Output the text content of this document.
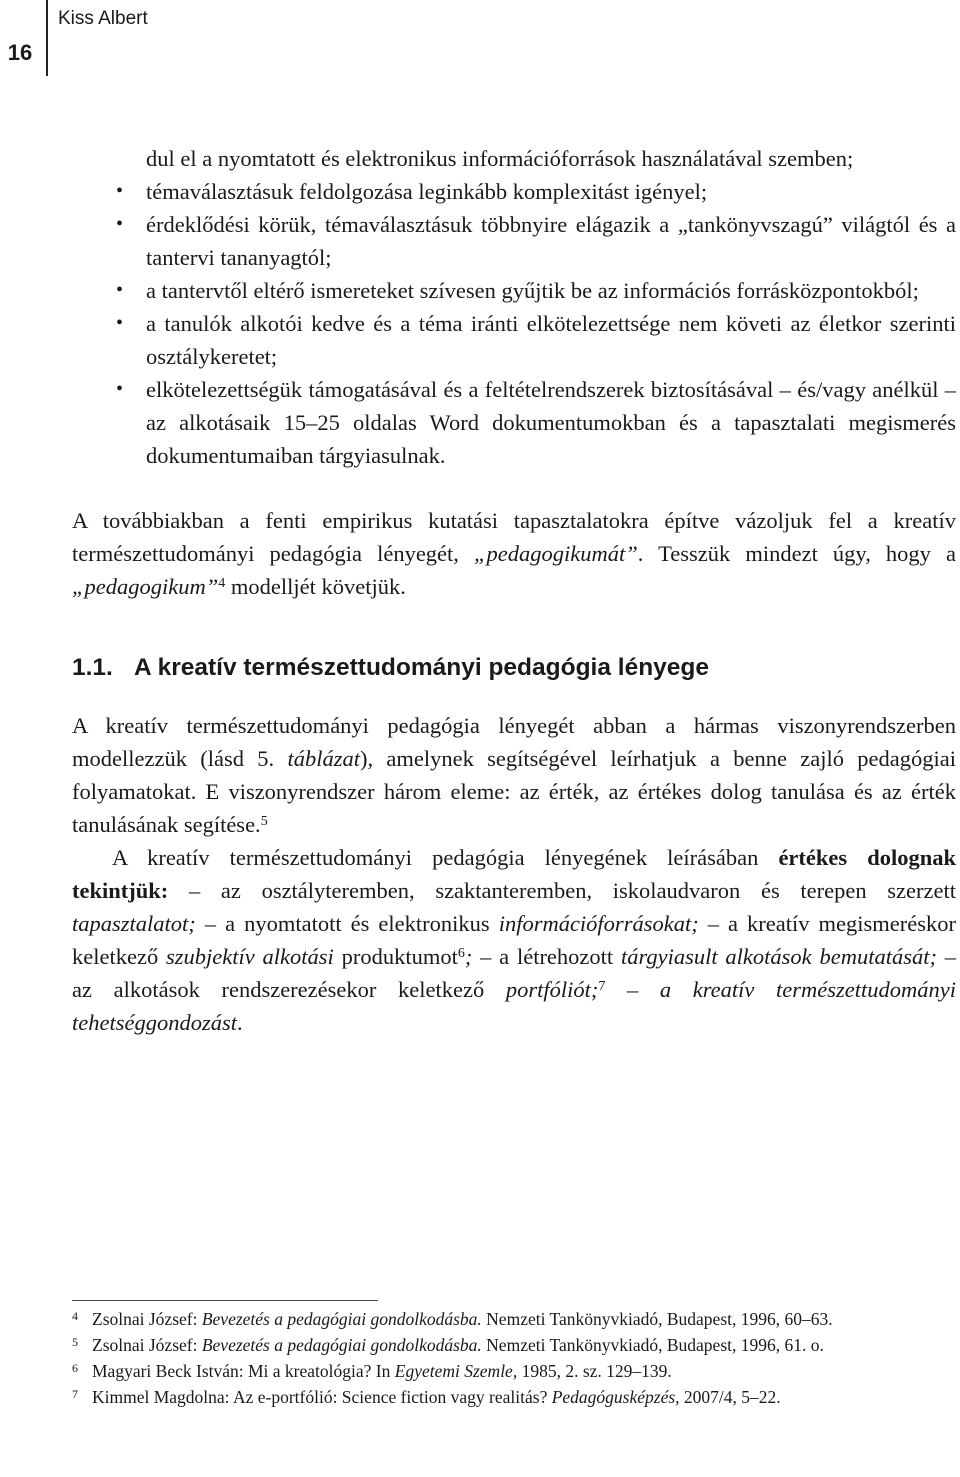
16
Kiss Albert
dul el a nyomtatott és elektronikus információforrások használatával szemben;
• témaválasztásuk feldolgozása leginkább komplexitást igényel;
• érdeklődési körük, témaválasztásuk többnyire elágazik a „tankönyvszagú” világtól és a tantervi tananyagtól;
• a tantervtől eltérő ismereteket szívesen gyűjtik be az információs forrásközpontokból;
• a tanulók alkotói kedve és a téma iránti elkötelezettsége nem követi az életkor szerinti osztálykeretet;
• elkötelezettségük támogatásával és a feltételrendszerek biztosításával – és/vagy anélkül – az alkotásaik 15–25 oldalas Word dokumentumokban és a tapasztalati megismerés dokumentumaiban tárgyiasulnak.

A továbbiakban a fenti empirikus kutatási tapasztalatokra építve vázoljuk fel a kreatív természettudományi pedagógia lényegét, „pedagogikumát”. Tesszük mindezt úgy, hogy a „pedagogikum”$^4$ modelljét követjük.

1.1. A kreatív természettudományi pedagógia lényege

A kreatív természettudományi pedagógia lényegét abban a hármas viszonyrendszerben modellezzük (lásd 5. táblázat), amelynek segítségével leírhatjuk a benne zajló pedagógiai folyamatokat. E viszonyrendszer három eleme: az érték, az értékes dolog tanulása és az érték tanulásának segítése.$^5$

A kreatív természettudományi pedagógia lényegének leírásában értékes dolognak tekintjük: – az osztályteremben, szaktanteremben, iskolaudvaron és terepen szerzett tapasztalatot; – a nyomtatott és elektronikus információforrásokat; – a kreatív megismeréskor keletkező szubjektív alkotási produktumot$^6$; – a létrehozott tárgyiasult alkotások bemutatását; – az alkotások rendszerezésekor keletkező portfóliót;$^7$ – a kreatív természettudományi tehetséggondozást.

4 Zsolnai József: Bevezetés a pedagógiai gondolkodásba. Nemzeti Tankönyvkiadó, Budapest, 1996, 60–63.
5 Zsolnai József: Bevezetés a pedagógiai gondolkodásba. Nemzeti Tankönyvkiadó, Budapest, 1996, 61. o.
6 Magyari Beck István: Mi a kreatológia? In Egyetemi Szemle, 1985, 2. sz. 129–139.
7 Kimmel Magdolna: Az e-portfólió: Science fiction vagy realitás? Pedagógusképzés, 2007/4, 5–22.
